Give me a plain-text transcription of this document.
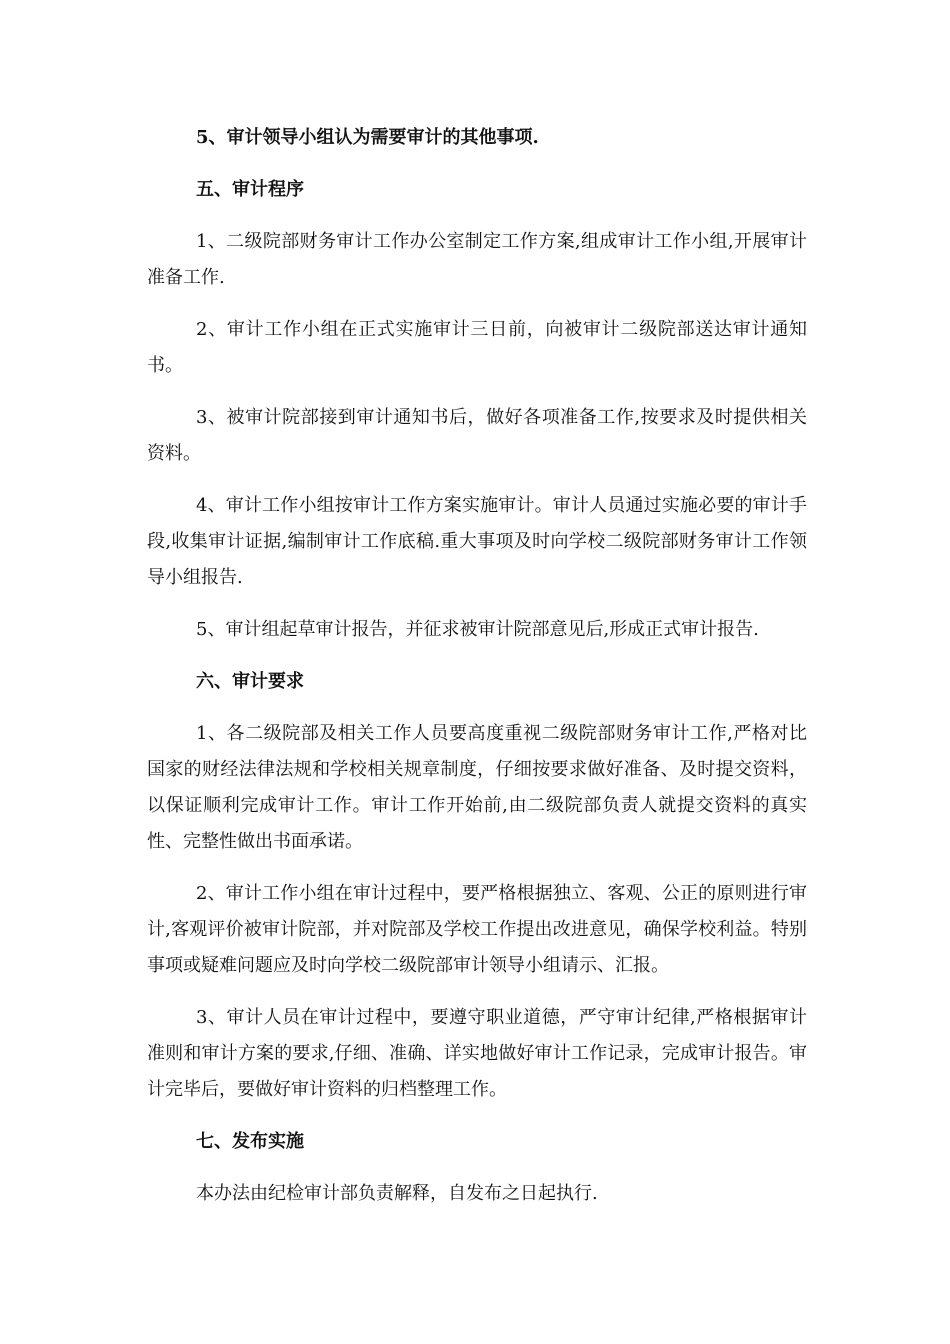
5、审计领导小组认为需要审计的其他事项.
五、审计程序

1、二级院部财务审计工作办公室制定工作方案,组成审计工作小组,开展审计准备工作.

2、审计工作小组在正式实施审计三日前，向被审计二级院部送达审计通知书。

3、被审计院部接到审计通知书后，做好各项准备工作,按要求及时提供相关资料。

4、审计工作小组按审计工作方案实施审计。审计人员通过实施必要的审计手段,收集审计证据,编制审计工作底稿.重大事项及时向学校二级院部财务审计工作领导小组报告.

5、审计组起草审计报告，并征求被审计院部意见后,形成正式审计报告.

六、审计要求

1、各二级院部及相关工作人员要高度重视二级院部财务审计工作,严格对比国家的财经法律法规和学校相关规章制度，仔细按要求做好准备、及时提交资料，以保证顺利完成审计工作。审计工作开始前,由二级院部负责人就提交资料的真实性、完整性做出书面承诺。

2、审计工作小组在审计过程中，要严格根据独立、客观、公正的原则进行审计,客观评价被审计院部，并对院部及学校工作提出改进意见，确保学校利益。特别事项或疑难问题应及时向学校二级院部审计领导小组请示、汇报。

3、审计人员在审计过程中，要遵守职业道德，严守审计纪律,严格根据审计准则和审计方案的要求,仔细、准确、详实地做好审计工作记录，完成审计报告。审计完毕后，要做好审计资料的归档整理工作。

七、发布实施

本办法由纪检审计部负责解释，自发布之日起执行.
